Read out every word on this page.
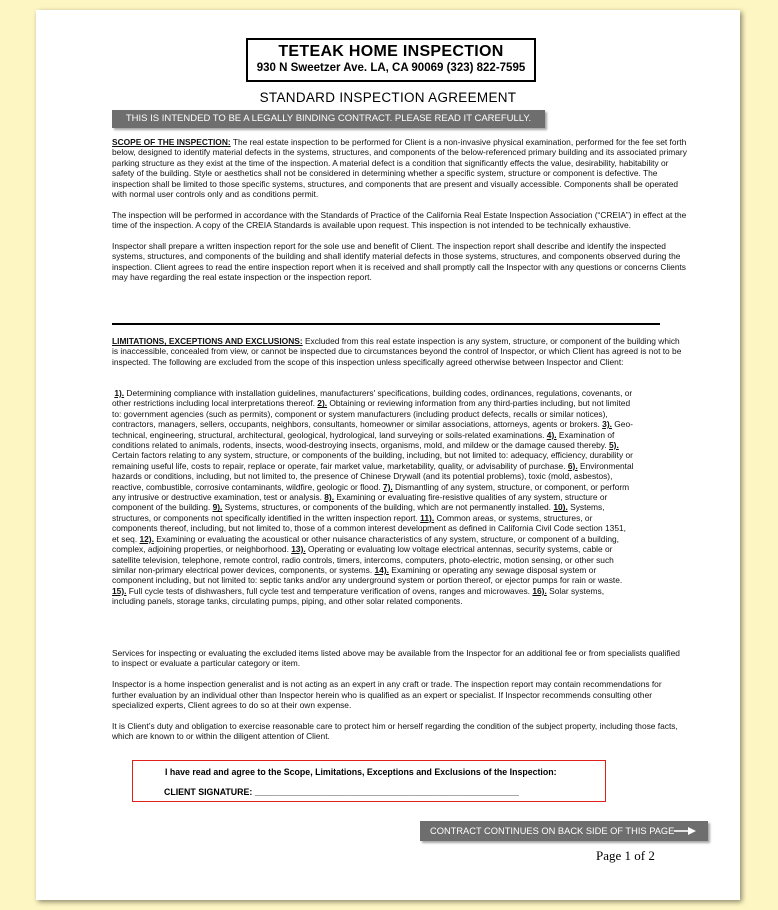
TETEAK HOME INSPECTION
930 N Sweetzer Ave. LA, CA 90069 (323) 822-7595
STANDARD INSPECTION AGREEMENT
THIS IS INTENDED TO BE A LEGALLY BINDING CONTRACT. PLEASE READ IT CAREFULLY.

SCOPE OF THE INSPECTION: The real estate inspection to be performed for Client is a non-invasive physical examination, performed for the fee set forth below, designed to identify material defects in the systems, structures, and components of the below-referenced primary building and its associated primary parking structure as they exist at the time of the inspection. A material defect is a condition that significantly effects the value, desirability, habitability or safety of the building. Style or aesthetics shall not be considered in determining whether a specific system, structure or component is defective. The inspection shall be limited to those specific systems, structures, and components that are present and visually accessible. Components shall be operated with normal user controls only and as conditions permit.

The inspection will be performed in accordance with the Standards of Practice of the California Real Estate Inspection Association (“CREIA”) in effect at the time of the inspection. A copy of the CREIA Standards is available upon request. This inspection is not intended to be technically exhaustive.

Inspector shall prepare a written inspection report for the sole use and benefit of Client. The inspection report shall describe and identify the inspected systems, structures, and components of the building and shall identify material defects in those systems, structures, and components observed during the inspection. Client agrees to read the entire inspection report when it is received and shall promptly call the Inspector with any questions or concerns Clients may have regarding the real estate inspection or the inspection report.

LIMITATIONS, EXCEPTIONS AND EXCLUSIONS: Excluded from this real estate inspection is any system, structure, or component of the building which is inaccessible, concealed from view, or cannot be inspected due to circumstances beyond the control of Inspector, or which Client has agreed is not to be inspected. The following are excluded from the scope of this inspection unless specifically agreed otherwise between Inspector and Client:

1). Determining compliance with installation guidelines, manufacturers' specifications, building codes, ordinances, regulations, covenants, or other restrictions including local interpretations thereof. 2). Obtaining or reviewing information from any third-parties including, but not limited to: government agencies (such as permits), component or system manufacturers (including product defects, recalls or similar notices), contractors, managers, sellers, occupants, neighbors, consultants, homeowner or similar associations, attorneys, agents or brokers. 3). Geo-technical, engineering, structural, architectural, geological, hydrological, land surveying or soils-related examinations. 4). Examination of conditions related to animals, rodents, insects, wood-destroying insects, organisms, mold, and mildew or the damage caused thereby. 5). Certain factors relating to any system, structure, or components of the building, including, but not limited to: adequacy, efficiency, durability or remaining useful life, costs to repair, replace or operate, fair market value, marketability, quality, or advisability of purchase. 6). Environmental hazards or conditions, including, but not limited to, the presence of Chinese Drywall (and its potential problems), toxic (mold, asbestos), reactive, combustible, corrosive contaminants, wildfire, geologic or flood. 7). Dismantling of any system, structure, or component, or perform any intrusive or destructive examination, test or analysis. 8). Examining or evaluating fire-resistive qualities of any system, structure or component of the building. 9). Systems, structures, or components of the building, which are not permanently installed. 10). Systems, structures, or components not specifically identified in the written inspection report. 11). Common areas, or systems, structures, or components thereof, including, but not limited to, those of a common interest development as defined in California Civil Code section 1351, et seq. 12). Examining or evaluating the acoustical or other nuisance characteristics of any system, structure, or component of a building, complex, adjoining properties, or neighborhood. 13). Operating or evaluating low voltage electrical antennas, security systems, cable or satellite television, telephone, remote control, radio controls, timers, intercoms, computers, photo-electric, motion sensing, or other such similar non-primary electrical power devices, components, or systems. 14). Examining or operating any sewage disposal system or component including, but not limited to: septic tanks and/or any underground system or portion thereof, or ejector pumps for rain or waste. 15). Full cycle tests of dishwashers, full cycle test and temperature verification of ovens, ranges and microwaves. 16). Solar systems, including panels, storage tanks, circulating pumps, piping, and other solar related components.

Services for inspecting or evaluating the excluded items listed above may be available from the Inspector for an additional fee or from specialists qualified to inspect or evaluate a particular category or item.

Inspector is a home inspection generalist and is not acting as an expert in any craft or trade. The inspection report may contain recommendations for further evaluation by an individual other than Inspector herein who is qualified as an expert or specialist. If Inspector recommends consulting other specialized experts, Client agrees to do so at their own expense.

It is Client’s duty and obligation to exercise reasonable care to protect him or herself regarding the condition of the subject property, including those facts, which are known to or within the diligent attention of Client.

I have read and agree to the Scope, Limitations, Exceptions and Exclusions of the Inspection:
CLIENT SIGNATURE: ______________________________________________________
CONTRACT CONTINUES ON BACK SIDE OF THIS PAGE
Page 1 of 2
